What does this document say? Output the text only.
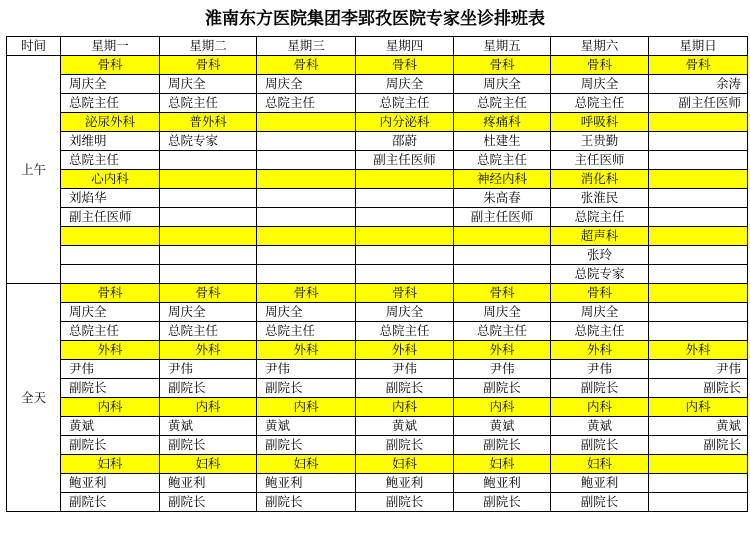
淮南东方医院集团李郢孜医院专家坐诊排班表
时间	星期一	星期二	星期三	星期四	星期五	星期六	星期日
上午	骨科	骨科	骨科	骨科	骨科	骨科	骨科
	周庆全	周庆全	周庆全	周庆全	周庆全	周庆全	余涛
	总院主任	总院主任	总院主任	总院主任	总院主任	总院主任	副主任医师
	泌尿外科	普外科		内分泌科	疼痛科	呼吸科	
	刘维明	总院专家		邵蔚	杜建生	王贵勤	
	总院主任			副主任医师	总院主任	主任医师	
	心内科				神经内科	消化科	
	刘焰华				朱高春	张淮民	
	副主任医师				副主任医师	总院主任	
						超声科	
						张玲	
						总院专家	
全天	骨科	骨科	骨科	骨科	骨科	骨科	
	周庆全	周庆全	周庆全	周庆全	周庆全	周庆全	
	总院主任	总院主任	总院主任	总院主任	总院主任	总院主任	
	外科	外科	外科	外科	外科	外科	外科
	尹伟	尹伟	尹伟	尹伟	尹伟	尹伟	尹伟
	副院长	副院长	副院长	副院长	副院长	副院长	副院长
	内科	内科	内科	内科	内科	内科	内科
	黄斌	黄斌	黄斌	黄斌	黄斌	黄斌	黄斌
	副院长	副院长	副院长	副院长	副院长	副院长	副院长
	妇科	妇科	妇科	妇科	妇科	妇科	
	鲍亚利	鲍亚利	鲍亚利	鲍亚利	鲍亚利	鲍亚利	
	副院长	副院长	副院长	副院长	副院长	副院长	
